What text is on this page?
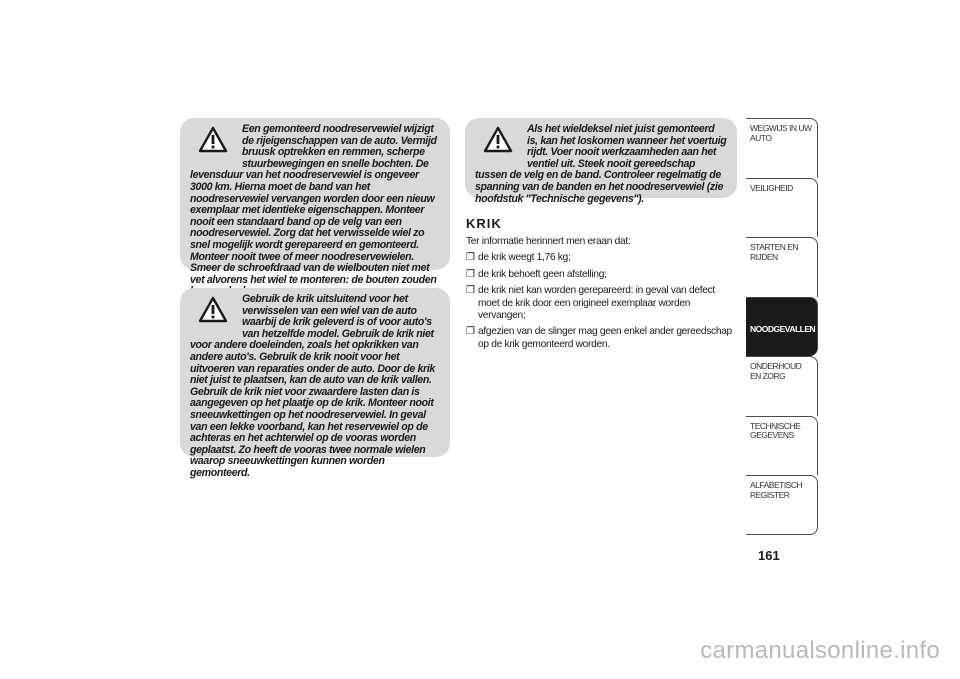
Een gemonteerd noodreservewiel wijzigt de rijeigenschappen van de auto. Vermijd bruusk optrekken en remmen, scherpe stuurbewegingen en snelle bochten. De levensduur van het noodreservewiel is ongeveer 3000 km. Hierna moet de band van het noodreservewiel vervangen worden door een nieuw exemplaar met identieke eigenschappen. Monteer nooit een standaard band op de velg van een noodreservewiel. Zorg dat het verwisselde wiel zo snel mogelijk wordt gerepareerd en gemonteerd. Monteer nooit twee of meer noodreservewielen. Smeer de schroefdraad van de wielbouten niet met vet alvorens het wiel te monteren: de bouten zouden
Gebruik de krik uitsluitend voor het verwisselen van een wiel van de auto waarbij de krik geleverd is of voor auto's van hetzelfde model. Gebruik de krik niet voor andere doeleinden, zoals het opkrikken van andere auto's. Gebruik de krik nooit voor het uitvoeren van reparaties onder de auto. Door de krik niet juist te plaatsen, kan de auto van de krik vallen. Gebruik de krik niet voor zwaardere lasten dan is aangegeven op het plaatje op de krik. Monteer nooit sneeuwkettingen op het noodreservewiel. In geval van een lekke voorband, kan het reservewiel op de achteras en het achterwiel op de vooras worden geplaatst. Zo heeft de vooras twee normale wielen waarop sneeuwkettingen kunnen worden gemonteerd.
Als het wieldeksel niet juist gemonteerd is, kan het loskomen wanneer het voertuig rijdt. Voer nooit werkzaamheden aan het ventiel uit. Steek nooit gereedschap tussen de velg en de band. Controleer regelmatig de spanning van de banden en het noodreservewiel (zie hoofdstuk "Technische gegevens").
KRIK

Ter informatie herinnert men eraan dat:

❒ de krik weegt 1,76 kg;
❒ de krik behoeft geen afstelling;
❒ de krik niet kan worden gerepareerd: in geval van defect moet de krik door een origineel exemplaar worden vervangen;
❒ afgezien van de slinger mag geen enkel ander gereedschap op de krik gemonteerd worden.
WEGWIJS IN UW AUTO
VEILIGHEID
STARTEN EN RIJDEN
NOODGEVALLEN
ONDERHOUD EN ZORG
TECHNISCHE GEGEVENS
ALFABETISCH REGISTER
161
carmanualsonline.info
